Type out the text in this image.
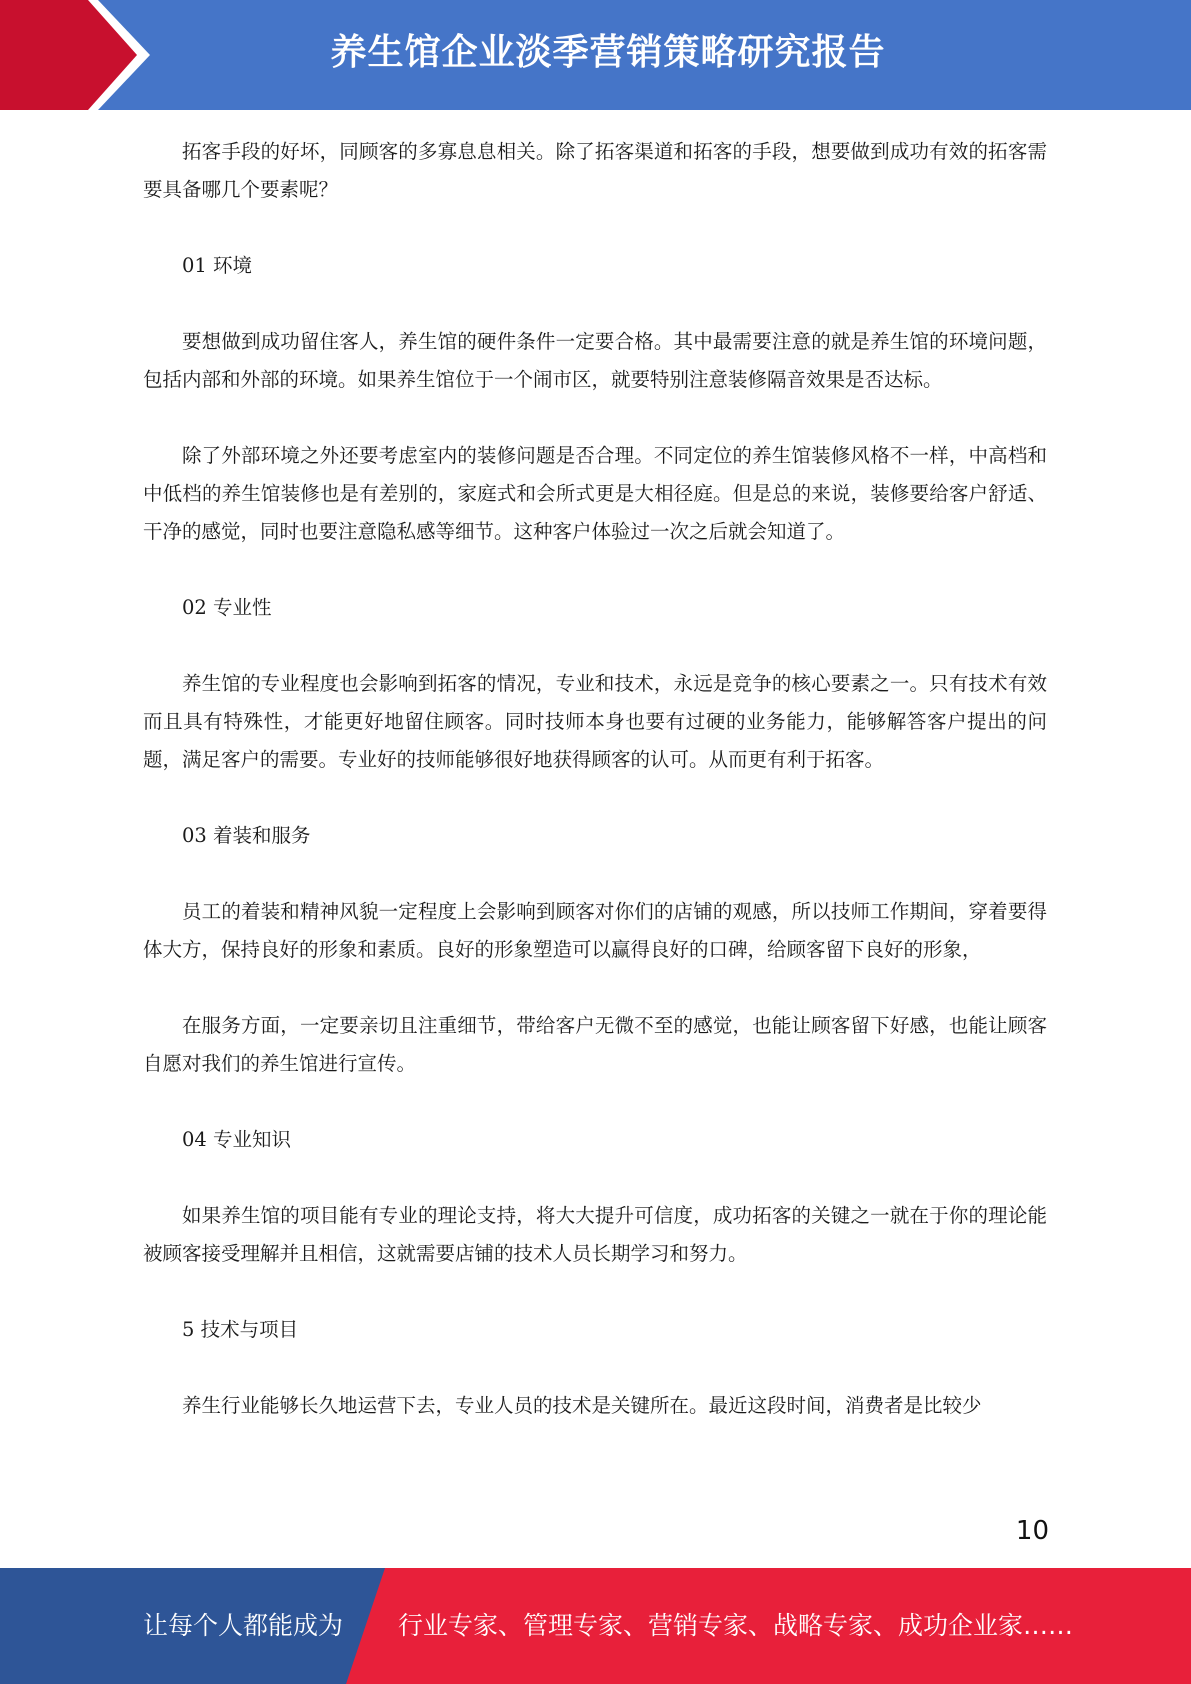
养生馆企业淡季营销策略研究报告

拓客手段的好坏，同顾客的多寡息息相关。除了拓客渠道和拓客的手段，想要做到成功有效的拓客需要具备哪几个要素呢？

01 环境

要想做到成功留住客人，养生馆的硬件条件一定要合格。其中最需要注意的就是养生馆的环境问题，包括内部和外部的环境。如果养生馆位于一个闹市区，就要特别注意装修隔音效果是否达标。

除了外部环境之外还要考虑室内的装修问题是否合理。不同定位的养生馆装修风格不一样，中高档和中低档的养生馆装修也是有差别的，家庭式和会所式更是大相径庭。但是总的来说，装修要给客户舒适、干净的感觉，同时也要注意隐私感等细节。这种客户体验过一次之后就会知道了。

02 专业性

养生馆的专业程度也会影响到拓客的情况，专业和技术，永远是竞争的核心要素之一。只有技术有效而且具有特殊性，才能更好地留住顾客。同时技师本身也要有过硬的业务能力，能够解答客户提出的问题，满足客户的需要。专业好的技师能够很好地获得顾客的认可。从而更有利于拓客。

03 着装和服务

员工的着装和精神风貌一定程度上会影响到顾客对你们的店铺的观感，所以技师工作期间，穿着要得体大方，保持良好的形象和素质。良好的形象塑造可以赢得良好的口碑，给顾客留下良好的形象，

在服务方面，一定要亲切且注重细节，带给客户无微不至的感觉，也能让顾客留下好感，也能让顾客自愿对我们的养生馆进行宣传。

04 专业知识

如果养生馆的项目能有专业的理论支持，将大大提升可信度，成功拓客的关键之一就在于你的理论能被顾客接受理解并且相信，这就需要店铺的技术人员长期学习和努力。

5 技术与项目

养生行业能够长久地运营下去，专业人员的技术是关键所在。最近这段时间，消费者是比较少

10
让每个人都能成为 行业专家、管理专家、营销专家、战略专家、成功企业家……
